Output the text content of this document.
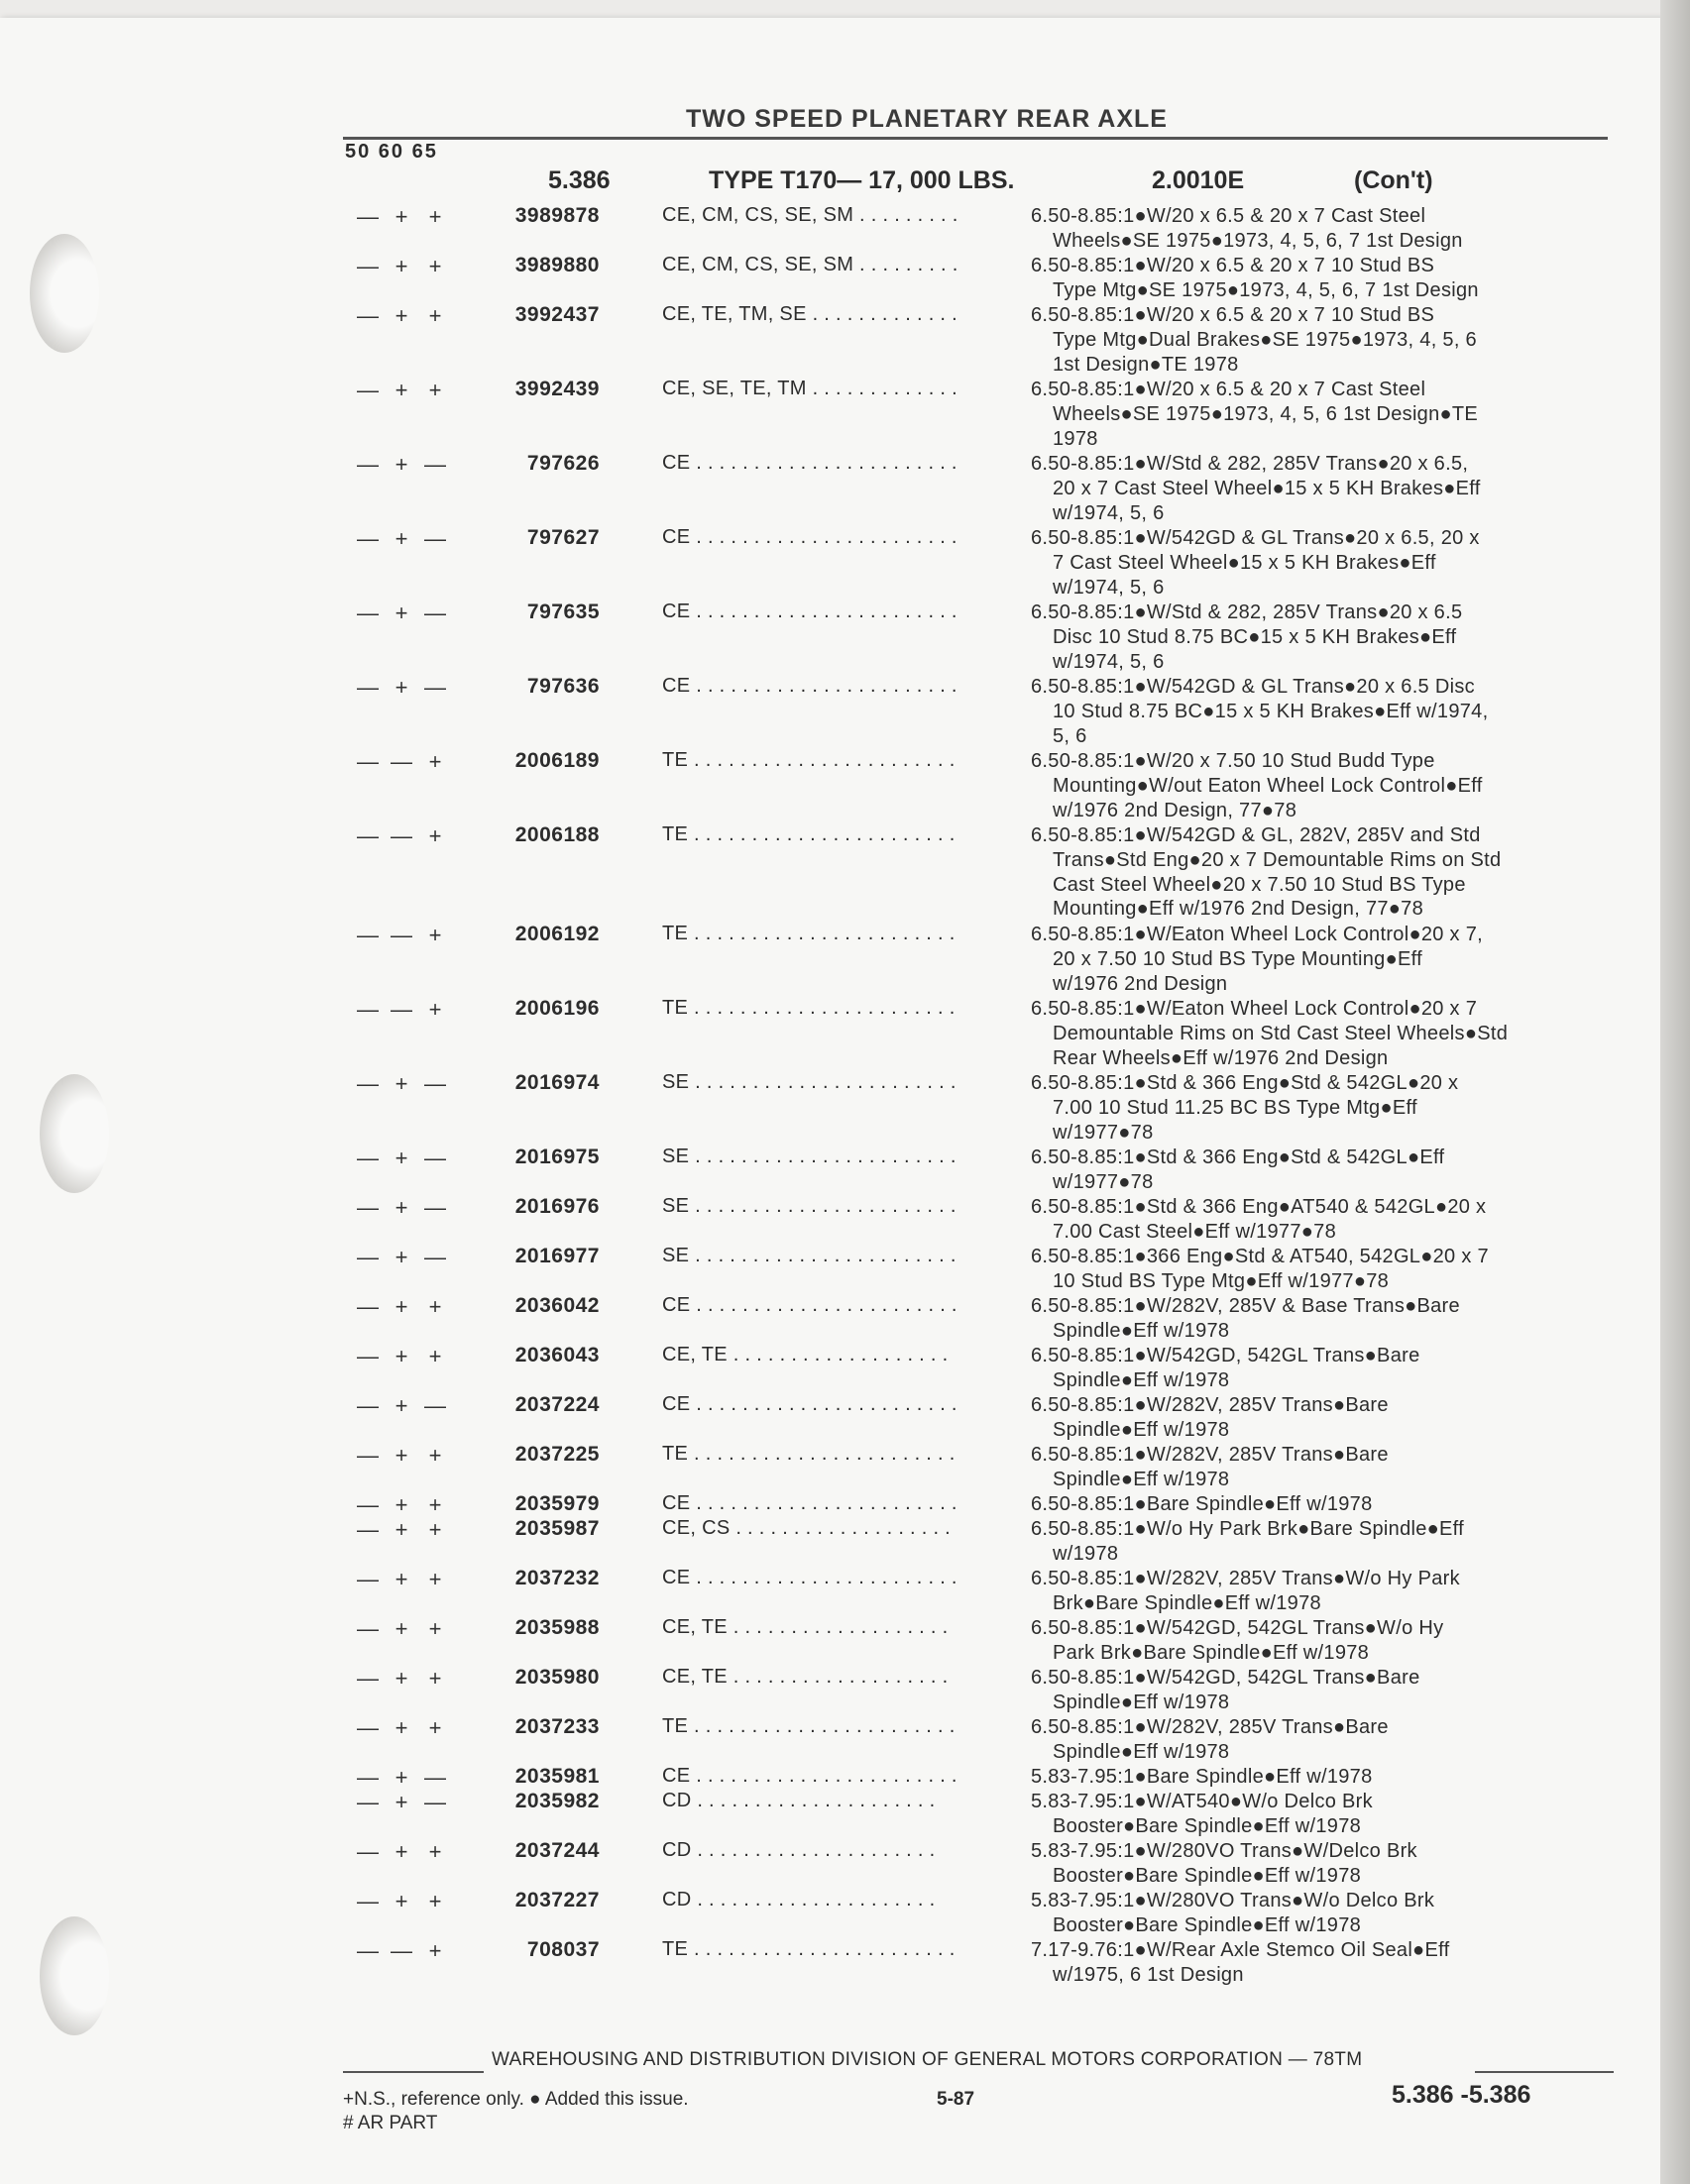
TWO SPEED PLANETARY REAR AXLE
50 60 65
5.386	TYPE T170— 17, 000 LBS.	2.0010E	(Con't)
— + +	3989878	CE, CM, CS, SE, SM . . . . . . . . .	6.50-8.85:1●W/20 x 6.5 & 20 x 7 Cast Steel
Wheels●SE 1975●1973, 4, 5, 6, 7 1st Design
— + +	3989880	CE, CM, CS, SE, SM . . . . . . . . .	6.50-8.85:1●W/20 x 6.5 & 20 x 7 10 Stud BS
Type Mtg●SE 1975●1973, 4, 5, 6, 7 1st Design
— + +	3992437	CE, TE, TM, SE . . . . . . . . . . . . .	6.50-8.85:1●W/20 x 6.5 & 20 x 7 10 Stud BS
Type Mtg●Dual Brakes●SE 1975●1973, 4, 5, 6
1st Design●TE 1978
— + +	3992439	CE, SE, TE, TM . . . . . . . . . . . . .	6.50-8.85:1●W/20 x 6.5 & 20 x 7 Cast Steel
Wheels●SE 1975●1973, 4, 5, 6 1st Design●TE
1978
— + —	797626	CE . . . . . . . . . . . . . . . . . . . . . . .	6.50-8.85:1●W/Std & 282, 285V Trans●20 x 6.5,
20 x 7 Cast Steel Wheel●15 x 5 KH Brakes●Eff
w/1974, 5, 6
— + —	797627	CE . . . . . . . . . . . . . . . . . . . . . . .	6.50-8.85:1●W/542GD & GL Trans●20 x 6.5, 20 x
7 Cast Steel Wheel●15 x 5 KH Brakes●Eff
w/1974, 5, 6
— + —	797635	CE . . . . . . . . . . . . . . . . . . . . . . .	6.50-8.85:1●W/Std & 282, 285V Trans●20 x 6.5
Disc 10 Stud 8.75 BC●15 x 5 KH Brakes●Eff
w/1974, 5, 6
— + —	797636	CE . . . . . . . . . . . . . . . . . . . . . . .	6.50-8.85:1●W/542GD & GL Trans●20 x 6.5 Disc
10 Stud 8.75 BC●15 x 5 KH Brakes●Eff w/1974,
5, 6
— — +	2006189	TE . . . . . . . . . . . . . . . . . . . . . . .	6.50-8.85:1●W/20 x 7.50 10 Stud Budd Type
Mounting●W/out Eaton Wheel Lock Control●Eff
w/1976 2nd Design, 77●78
— — +	2006188	TE . . . . . . . . . . . . . . . . . . . . . . .	6.50-8.85:1●W/542GD & GL, 282V, 285V and Std
Trans●Std Eng●20 x 7 Demountable Rims on Std
Cast Steel Wheel●20 x 7.50 10 Stud BS Type
Mounting●Eff w/1976 2nd Design, 77●78
— — +	2006192	TE . . . . . . . . . . . . . . . . . . . . . . .	6.50-8.85:1●W/Eaton Wheel Lock Control●20 x 7,
20 x 7.50 10 Stud BS Type Mounting●Eff
w/1976 2nd Design
— — +	2006196	TE . . . . . . . . . . . . . . . . . . . . . . .	6.50-8.85:1●W/Eaton Wheel Lock Control●20 x 7
Demountable Rims on Std Cast Steel Wheels●Std
Rear Wheels●Eff w/1976 2nd Design
— + —	2016974	SE . . . . . . . . . . . . . . . . . . . . . . .	6.50-8.85:1●Std & 366 Eng●Std & 542GL●20 x
7.00 10 Stud 11.25 BC BS Type Mtg●Eff
w/1977●78
— + —	2016975	SE . . . . . . . . . . . . . . . . . . . . . . .	6.50-8.85:1●Std & 366 Eng●Std & 542GL●Eff
w/1977●78
— + —	2016976	SE . . . . . . . . . . . . . . . . . . . . . . .	6.50-8.85:1●Std & 366 Eng●AT540 & 542GL●20 x
7.00 Cast Steel●Eff w/1977●78
— + —	2016977	SE . . . . . . . . . . . . . . . . . . . . . . .	6.50-8.85:1●366 Eng●Std & AT540, 542GL●20 x 7
10 Stud BS Type Mtg●Eff w/1977●78
— + +	2036042	CE . . . . . . . . . . . . . . . . . . . . . . .	6.50-8.85:1●W/282V, 285V & Base Trans●Bare
Spindle●Eff w/1978
— + +	2036043	CE, TE . . . . . . . . . . . . . . . . . . .	6.50-8.85:1●W/542GD, 542GL Trans●Bare
Spindle●Eff w/1978
— + —	2037224	CE . . . . . . . . . . . . . . . . . . . . . . .	6.50-8.85:1●W/282V, 285V Trans●Bare
Spindle●Eff w/1978
— + +	2037225	TE . . . . . . . . . . . . . . . . . . . . . . .	6.50-8.85:1●W/282V, 285V Trans●Bare
Spindle●Eff w/1978
— + +	2035979	CE . . . . . . . . . . . . . . . . . . . . . . .	6.50-8.85:1●Bare Spindle●Eff w/1978
— + +	2035987	CE, CS . . . . . . . . . . . . . . . . . . .	6.50-8.85:1●W/o Hy Park Brk●Bare Spindle●Eff
w/1978
— + +	2037232	CE . . . . . . . . . . . . . . . . . . . . . . .	6.50-8.85:1●W/282V, 285V Trans●W/o Hy Park
Brk●Bare Spindle●Eff w/1978
— + +	2035988	CE, TE . . . . . . . . . . . . . . . . . . .	6.50-8.85:1●W/542GD, 542GL Trans●W/o Hy
Park Brk●Bare Spindle●Eff w/1978
— + +	2035980	CE, TE . . . . . . . . . . . . . . . . . . .	6.50-8.85:1●W/542GD, 542GL Trans●Bare
Spindle●Eff w/1978
— + +	2037233	TE . . . . . . . . . . . . . . . . . . . . . . .	6.50-8.85:1●W/282V, 285V Trans●Bare
Spindle●Eff w/1978
— + —	2035981	CE . . . . . . . . . . . . . . . . . . . . . . .	5.83-7.95:1●Bare Spindle●Eff w/1978
— + —	2035982	CD . . . . . . . . . . . . . . . . . . . . .	5.83-7.95:1●W/AT540●W/o Delco Brk
Booster●Bare Spindle●Eff w/1978
— + +	2037244	CD . . . . . . . . . . . . . . . . . . . . .	5.83-7.95:1●W/280VO Trans●W/Delco Brk
Booster●Bare Spindle●Eff w/1978
— + +	2037227	CD . . . . . . . . . . . . . . . . . . . . .	5.83-7.95:1●W/280VO Trans●W/o Delco Brk
Booster●Bare Spindle●Eff w/1978
— — +	708037	TE . . . . . . . . . . . . . . . . . . . . . . .	7.17-9.76:1●W/Rear Axle Stemco Oil Seal●Eff
w/1975, 6 1st Design
WAREHOUSING AND DISTRIBUTION DIVISION OF GENERAL MOTORS CORPORATION — 78TM
+N.S., reference only. ● Added this issue.
# AR PART
5-87	5.386 -5.386
